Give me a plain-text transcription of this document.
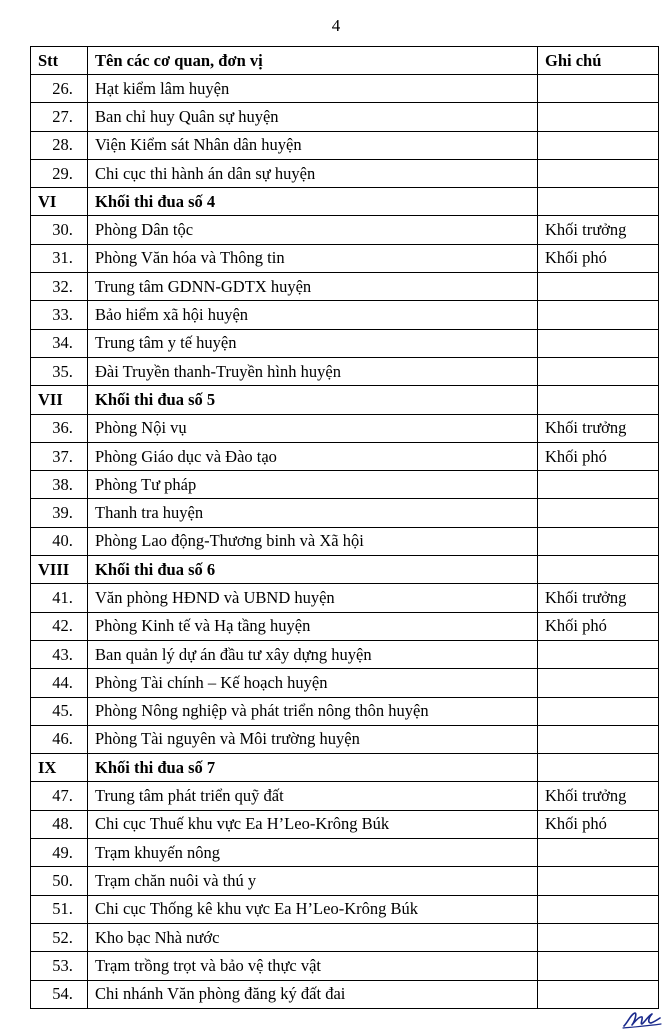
4
Stt	Tên các cơ quan, đơn vị	Ghi chú
26.	Hạt kiểm lâm huyện	
27.	Ban chỉ huy Quân sự huyện	
28.	Viện Kiểm sát Nhân dân huyện	
29.	Chi cục thi hành án dân sự huyện	
VI	Khối thi đua số 4	
30.	Phòng Dân tộc	Khối trưởng
31.	Phòng Văn hóa và Thông tin	Khối phó
32.	Trung tâm GDNN-GDTX huyện	
33.	Bảo hiểm xã hội huyện	
34.	Trung tâm y tế huyện	
35.	Đài Truyền thanh-Truyền hình huyện	
VII	Khối thi đua số 5	
36.	Phòng Nội vụ	Khối trưởng
37.	Phòng Giáo dục và Đào tạo	Khối phó
38.	Phòng Tư pháp	
39.	Thanh tra huyện	
40.	Phòng Lao động-Thương binh và Xã hội	
VIII	Khối thi đua số 6	
41.	Văn phòng HĐND và UBND huyện	Khối trưởng
42.	Phòng Kinh tế và Hạ tầng huyện	Khối phó
43.	Ban quản lý dự án đầu tư xây dựng huyện	
44.	Phòng Tài chính – Kế hoạch huyện	
45.	Phòng Nông nghiệp và phát triển nông thôn huyện	
46.	Phòng Tài nguyên và Môi trường huyện	
IX	Khối thi đua số 7	
47.	Trung tâm phát triển quỹ đất	Khối trưởng
48.	Chi cục Thuế khu vực Ea H’Leo-Krông Búk	Khối phó
49.	Trạm khuyến nông	
50.	Trạm chăn nuôi và thú y	
51.	Chi cục Thống kê khu vực Ea H’Leo-Krông Búk	
52.	Kho bạc Nhà nước	
53.	Trạm trồng trọt và bảo vệ thực vật	
54.	Chi nhánh Văn phòng đăng ký đất đai	
